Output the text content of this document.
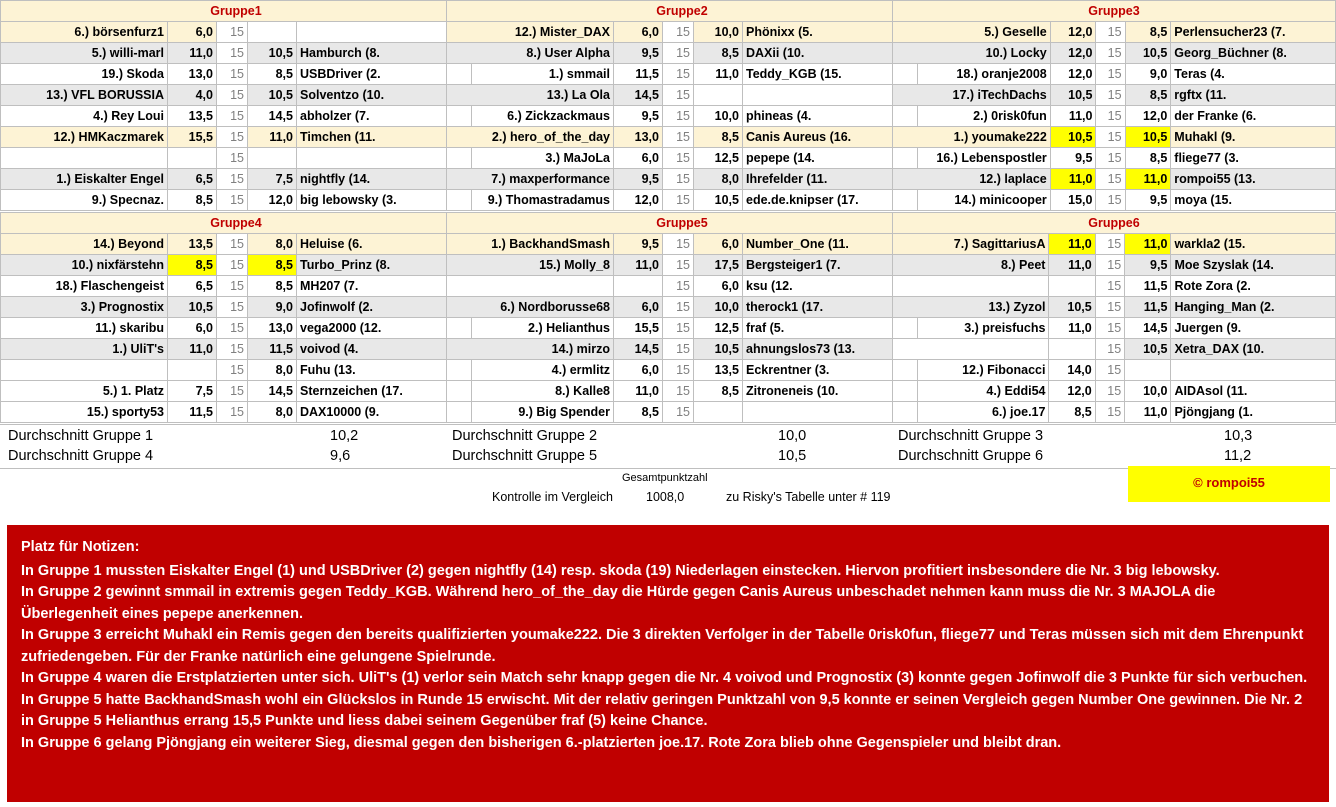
Gruppe1				
6.) börsenfurz1	6,0	15		
5.) willi-marl	11,0	15	10,5	Hamburch (8.
19.) Skoda	13,0	15	8,5	USBDriver (2.
13.) VFL BORUSSIA	4,0	15	10,5	Solventzo (10.
4.) Rey Loui	13,5	15	14,5	abholzer (7.
12.) HMKaczmarek	15,5	15	11,0	Timchen (11.
		15		
1.) Eiskalter Engel	6,5	15	7,5	nightfly (14.
9.) Specnaz.	8,5	15	12,0	big lebowsky (3.
Gruppe2				
12.) Mister_DAX	6,0	15	10,0	Phönixx (5.
8.) User Alpha	9,5	15	8,5	DAXii (10.
1.) smmail	11,5	15	11,0	Teddy_KGB (15.
13.) La Ola	14,5	15		
6.) Zickzackmaus	9,5	15	10,0	phineas (4.
2.) hero_of_the_day	13,0	15	8,5	Canis Aureus (16.
3.) MaJoLa	6,0	15	12,5	pepepe (14.
7.) maxperformance	9,5	15	8,0	Ihrefelder (11.
9.) Thomastradamus	12,0	15	10,5	ede.de.knipser (17.
Gruppe3				
5.) Geselle	12,0	15	8,5	Perlensucher23 (7.
10.) Locky	12,0	15	10,5	Georg_Büchner (8.
18.) oranje2008	12,0	15	9,0	Teras (4.
17.) iTechDachs	10,5	15	8,5	rgftx (11.
2.) 0risk0fun	11,0	15	12,0	der Franke (6.
1.) youmake222	10,5	15	10,5	Muhakl (9.
16.) Lebenspostler	9,5	15	8,5	fliege77 (3.
12.) laplace	11,0	15	11,0	rompoi55 (13.
14.) minicooper	15,0	15	9,5	moya (15.
Gruppe4				
14.) Beyond	13,5	15	8,0	Heluise (6.
10.) nixfärstehn	8,5	15	8,5	Turbo_Prinz (8.
18.) Flaschengeist	6,5	15	8,5	MH207 (7.
3.) Prognostix	10,5	15	9,0	Jofinwolf (2.
11.) skaribu	6,0	15	13,0	vega2000 (12.
1.) UliT's	11,0	15	11,5	voivod (4.
		15	8,0	Fuhu (13.
5.) 1. Platz	7,5	15	14,5	Sternzeichen (17.
15.) sporty53	11,5	15	8,0	DAX10000 (9.
Gruppe5				
1.) BackhandSmash	9,5	15	6,0	Number_One (11.
15.) Molly_8	11,0	15	17,5	Bergsteiger1 (7.
		15	6,0	ksu (12.
6.) Nordborusse68	6,0	15	10,0	therock1 (17.
2.) Helianthus	15,5	15	12,5	fraf (5.
14.) mirzo	14,5	15	10,5	ahnungslos73 (13.
4.) ermlitz	6,0	15	13,5	Eckrentner (3.
8.) Kalle8	11,0	15	8,5	Zitroneneis (10.
9.) Big Spender	8,5	15		
Gruppe6				
7.) SagittariusA	11,0	15	11,0	warkla2 (15.
8.) Peet	11,0	15	9,5	Moe Szyslak (14.
		15	11,5	Rote Zora (2.
13.) Zyzol	10,5	15	11,5	Hanging_Man (2.
3.) preisfuchs	11,0	15	14,5	Juergen (9.
		15	10,5	Xetra_DAX (10.
12.) Fibonacci	14,0	15		
4.) Eddi54	12,0	15	10,0	AIDAsol (11.
6.) joe.17	8,5	15	11,0	Pjöngjang (1.
Durchschnitt Gruppe 1	10,2	Durchschnitt Gruppe 2	10,0	Durchschnitt Gruppe 3	10,3
Durchschnitt Gruppe 4	9,6	Durchschnitt Gruppe 5	10,5	Durchschnitt Gruppe 6	11,2
Gesamtpunktzahl
Kontrolle im Vergleich	1008,0	zu Risky's Tabelle unter # 119
© rompoi55

Platz für Notizen:

In Gruppe 1 mussten Eiskalter Engel (1) und USBDriver (2) gegen nightfly (14) resp. skoda (19) Niederlagen einstecken. Hiervon profitiert insbesondere die Nr. 3 big lebowsky.

In Gruppe 2 gewinnt smmail in extremis gegen Teddy_KGB. Während hero_of_the_day die Hürde gegen Canis Aureus unbeschadet nehmen kann muss die Nr. 3 MAJOLA die Überlegenheit eines pepepe anerkennen.

In Gruppe 3 erreicht Muhakl ein Remis gegen den bereits qualifizierten youmake222. Die 3 direkten Verfolger in der Tabelle 0risk0fun, fliege77 und Teras müssen sich mit dem Ehrenpunkt zufriedengeben. Für der Franke natürlich eine gelungene Spielrunde.

In Gruppe 4 waren die Erstplatzierten unter sich. UliT's (1) verlor sein Match sehr knapp gegen die Nr. 4 voivod und Prognostix (3) konnte gegen Jofinwolf die 3 Punkte für sich verbuchen.

In Gruppe 5 hatte BackhandSmash wohl ein Glückslos in Runde 15 erwischt. Mit der relativ geringen Punktzahl von 9,5 konnte er seinen Vergleich gegen Number One gewinnen. Die Nr. 2 in Gruppe 5 Helianthus errang 15,5 Punkte und liess dabei seinem Gegenüber fraf (5) keine Chance.

In Gruppe 6 gelang Pjöngjang ein weiterer Sieg, diesmal gegen den bisherigen 6.-platzierten joe.17. Rote Zora blieb ohne Gegenspieler und bleibt dran.
